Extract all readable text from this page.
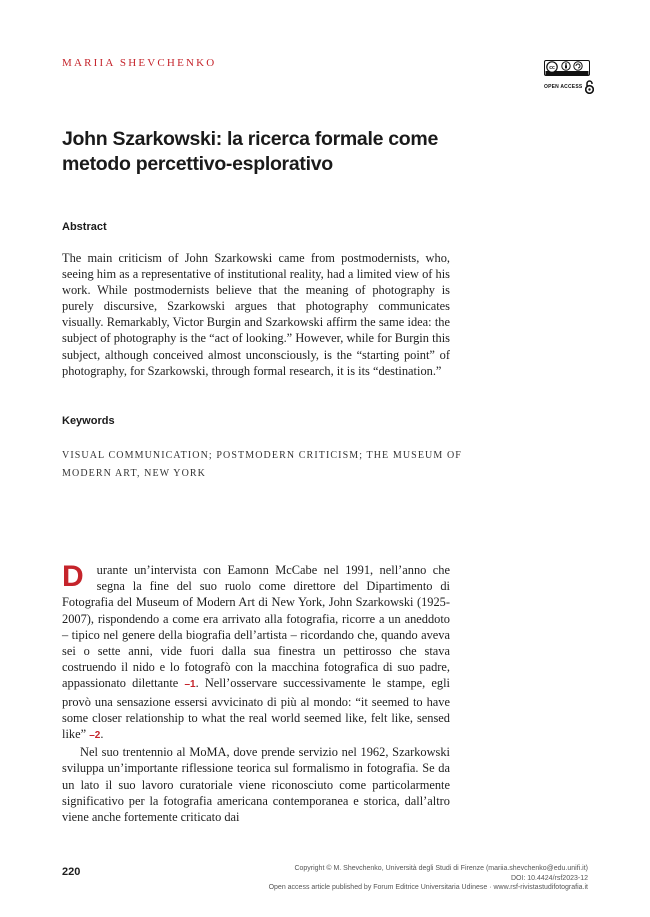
MARIIA SHEVCHENKO	cc
OPEN ACCESS
John Szarkowski: la ricerca formale come metodo percettivo-esplorativo
Abstract

The main criticism of John Szarkowski came from postmodernists, who, seeing him as a representative of institutional reality, had a limited view of his work. While postmodernists believe that the meaning of photography is purely discursive, Szarkowski argues that photography communicates visually. Remarkably, Victor Burgin and Szarkowski affirm the same idea: the subject of photography is the “act of looking.” However, while for Burgin this subject, although conceived almost unconsciously, is the “starting point” of photography, for Szarkowski, through formal research, it is its “destination.”

Keywords

VISUAL COMMUNICATION; POSTMODERN CRITICISM; THE MUSEUM OF MODERN ART, NEW YORK

D urante un’intervista con Eamonn McCabe nel 1991, nell’anno che segna la fine del suo ruolo come direttore del Dipartimento di Fotografia del Museum of Modern Art di New York, John Szarkowski (1925-2007), rispondendo a come era arrivato alla fotografia, ricorre a un aneddoto – tipico nel genere della biografia dell’artista – ricordando che, quando aveva sei o sette anni, vide fuori dalla sua finestra un pettirosso che stava costruendo il nido e lo fotografò con la macchina fotografica di suo padre, appassionato dilettante –1. Nell’osservare successivamente le stampe, egli provò una sensazione essersi avvicinato di più al mondo: “it seemed to have some closer relationship to what the real world seemed like, felt like, sensed like” –2.

Nel suo trentennio al MoMA, dove prende servizio nel 1962, Szarkowski sviluppa un’importante riflessione teorica sul formalismo in fotografia. Se da un lato il suo lavoro curatoriale viene riconosciuto come particolarmente significativo per la fotografia americana contemporanea e storica, dall’altro viene anche fortemente criticato dai

220	Copyright © M. Shevchenko, Università degli Studi di Firenze (mariia.shevchenko@edu.unifi.it)
DOI: 10.4424/rsf2023-12
Open access article published by Forum Editrice Universitaria Udinese · www.rsf-rivistastudifotografia.it
